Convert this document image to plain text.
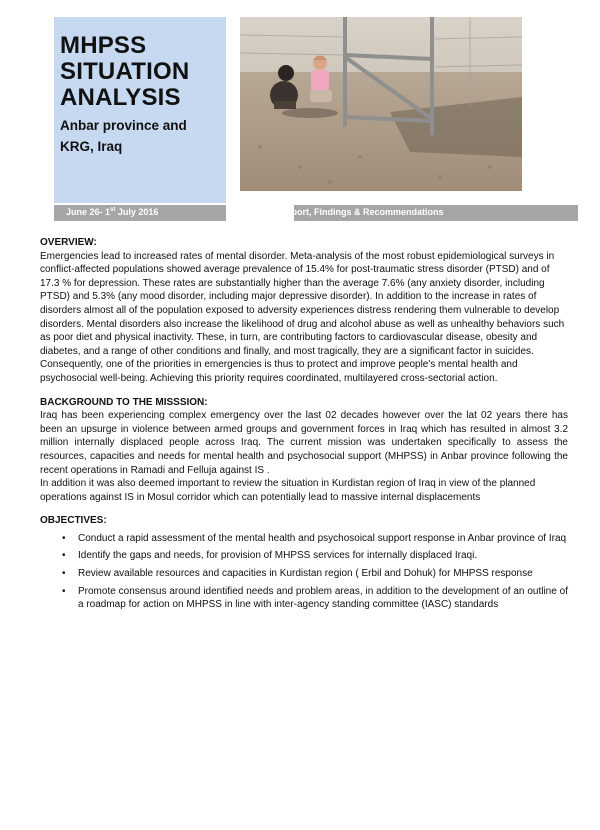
MHPSS
SITUATION
ANALYSIS

Anbar province and
KRG, Iraq

June 26- 1st July 2016	Mission Report, Findings & Recommendations

OVERVIEW:

Emergencies lead to increased rates of mental disorder. Meta-analysis of the most robust epidemiological surveys in conflict-affected populations showed average prevalence of 15.4% for post-traumatic stress disorder (PTSD) and of 17.3 % for depression. These rates are substantially higher than the average 7.6% (any anxiety disorder, including PTSD) and 5.3% (any mood disorder, including major depressive disorder). In addition to the increase in rates of disorders almost all of the population exposed to adversity experiences distress rendering them vulnerable to develop disorders. Mental disorders also increase the likelihood of drug and alcohol abuse as well as unhealthy behaviors such as poor diet and physical inactivity. These, in turn, are contributing factors to cardiovascular disease, obesity and diabetes, and a range of other conditions and finally, and most tragically, they are a significant factor in suicides.

Consequently, one of the priorities in emergencies is thus to protect and improve people's mental health and psychosocial well-being. Achieving this priority requires coordinated, multilayered cross-sectorial action.

BACKGROUND TO THE MISSSION:

Iraq has been experiencing complex emergency over the last 02 decades however over the lat 02 years there has been an upsurge in violence between armed groups and government forces in Iraq which has resulted in almost 3.2 million internally displaced people across Iraq. The current mission was undertaken specifically to assess the resources, capacities and needs for mental health and psychosocial support (MHPSS) in Anbar province following the recent operations in Ramadi and Felluja against IS .

In addition it was also deemed important to review the situation in Kurdistan region of Iraq in view of the planned operations against IS in Mosul corridor which can potentially lead to massive internal displacements

OBJECTIVES:

• Conduct a rapid assessment of the mental health and psychosoical support response in Anbar province of Iraq
• Identify the gaps and needs, for provision of MHPSS services for internally displaced Iraqi.
• Review available resources and capacities in Kurdistan region ( Erbil and Dohuk) for MHPSS response
• Promote consensus around identified needs and problem areas, in addition to the development of an outline of a roadmap for action on MHPSS in line with inter-agency standing committee (IASC) standards
